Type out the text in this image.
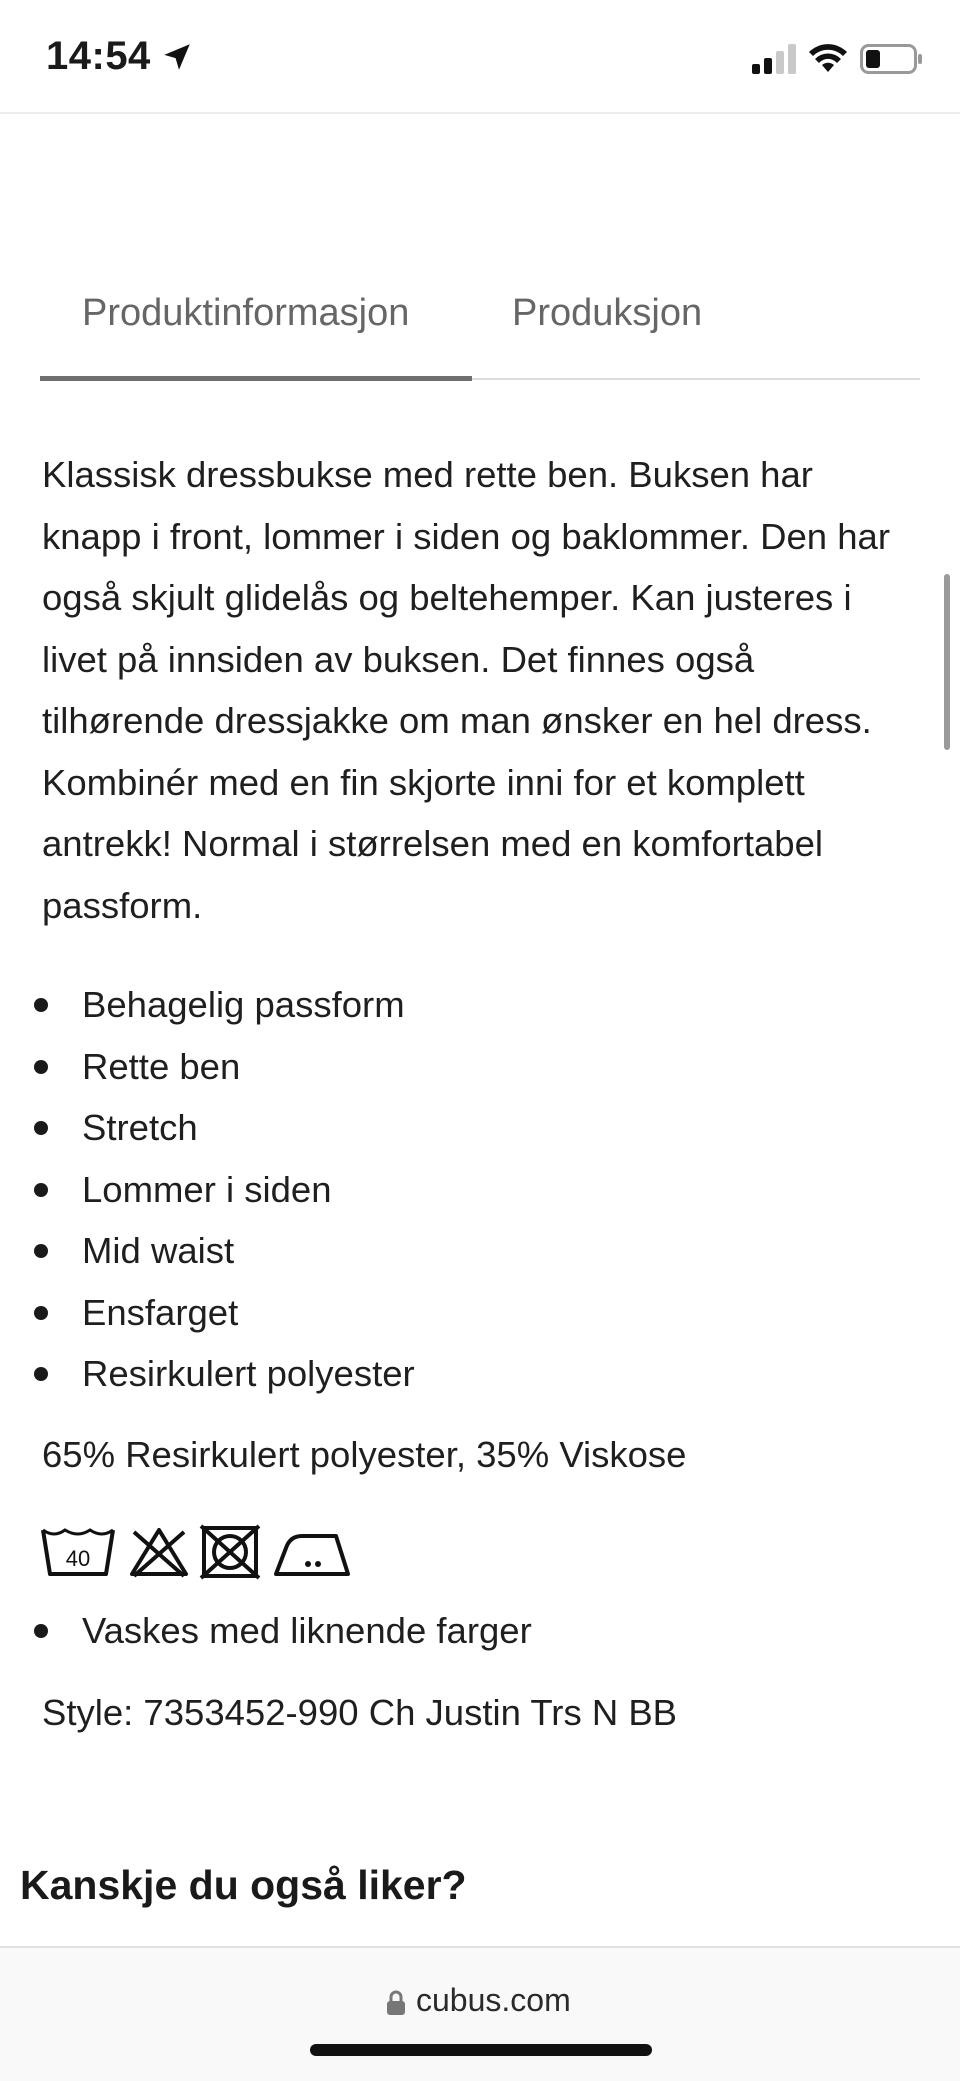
14:54
Produktinformasjon	Produksjon

Klassisk dressbukse med rette ben. Buksen har knapp i front, lommer i siden og baklommer. Den har også skjult glidelås og beltehemper. Kan justeres i livet på innsiden av buksen. Det finnes også tilhørende dressjakke om man ønsker en hel dress. Kombinér med en fin skjorte inni for et komplett antrekk! Normal i størrelsen med en komfortabel passform.

Behagelig passform
Rette ben
Stretch
Lommer i siden
Mid waist
Ensfarget
Resirkulert polyester
65% Resirkulert polyester, 35% Viskose
40
Vaskes med liknende farger
Style: 7353452-990 Ch Justin Trs N BB
Kanskje du også liker?
cubus.com
